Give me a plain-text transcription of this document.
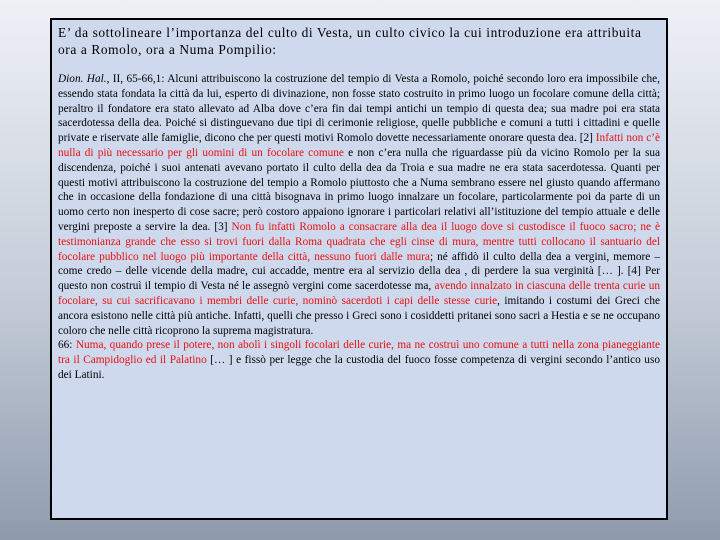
E’ da sottolineare l’importanza del culto di Vesta, un culto civico la cui introduzione era attribuita ora a Romolo, ora a Numa Pompilio:

Dion. Hal., II, 65-66,1: Alcuni attribuiscono la costruzione del tempio di Vesta a Romolo, poiché secondo loro era impossibile che, essendo stata fondata la città da lui, esperto di divinazione, non fosse stato costruito in primo luogo un focolare comune della città; peraltro il fondatore era stato allevato ad Alba dove c’era fin dai tempi antichi un tempio di questa dea; sua madre poi era stata sacerdotessa della dea. Poiché si distinguevano due tipi di cerimonie religiose, quelle pubbliche e comuni a tutti i cittadini e quelle private e riservate alle famiglie, dicono che per questi motivi Romolo dovette necessariamente onorare questa dea. [2] Infatti non c’è nulla di più necessario per gli uomini di un focolare comune e non c’era nulla che riguardasse più da vicino Romolo per la sua discendenza, poiché i suoi antenati avevano portato il culto della dea da Troia e sua madre ne era stata sacerdotessa. Quanti per questi motivi attribuiscono la costruzione del tempio a Romolo piuttosto che a Numa sembrano essere nel giusto quando affermano che in occasione della fondazione di una città bisognava in primo luogo innalzare un focolare, particolarmente poi da parte di un uomo certo non inesperto di cose sacre; però costoro appaiono ignorare i particolari relativi all’istituzione del tempio attuale e delle vergini preposte a servire la dea. [3] Non fu infatti Romolo a consacrare alla dea il luogo dove si custodisce il fuoco sacro; ne è testimonianza grande che esso si trovi fuori dalla Roma quadrata che egli cinse di mura, mentre tutti collocano il santuario del focolare pubblico nel luogo più importante della città, nessuno fuori dalle mura; né affidò il culto della dea a vergini, memore – come credo – delle vicende della madre, cui accadde, mentre era al servizio della dea , di perdere la sua verginità [… ]. [4] Per questo non costruì il tempio di Vesta né le assegnò vergini come sacerdotesse ma, avendo innalzato in ciascuna delle trenta curie un focolare, su cui sacrificavano i membri delle curie, nominò sacerdoti i capi delle stesse curie, imitando i costumi dei Greci che ancora esistono nelle città più antiche. Infatti, quelli che presso i Greci sono i cosiddetti pritanei sono sacri a Hestia e se ne occupano coloro che nelle città ricoprono la suprema magistratura.
66: Numa, quando prese il potere, non abolì i singoli focolari delle curie, ma ne costruì uno comune a tutti nella zona pianeggiante tra il Campidoglio ed il Palatino [… ] e fissò per legge che la custodia del fuoco fosse competenza di vergini secondo l’antico uso dei Latini.
